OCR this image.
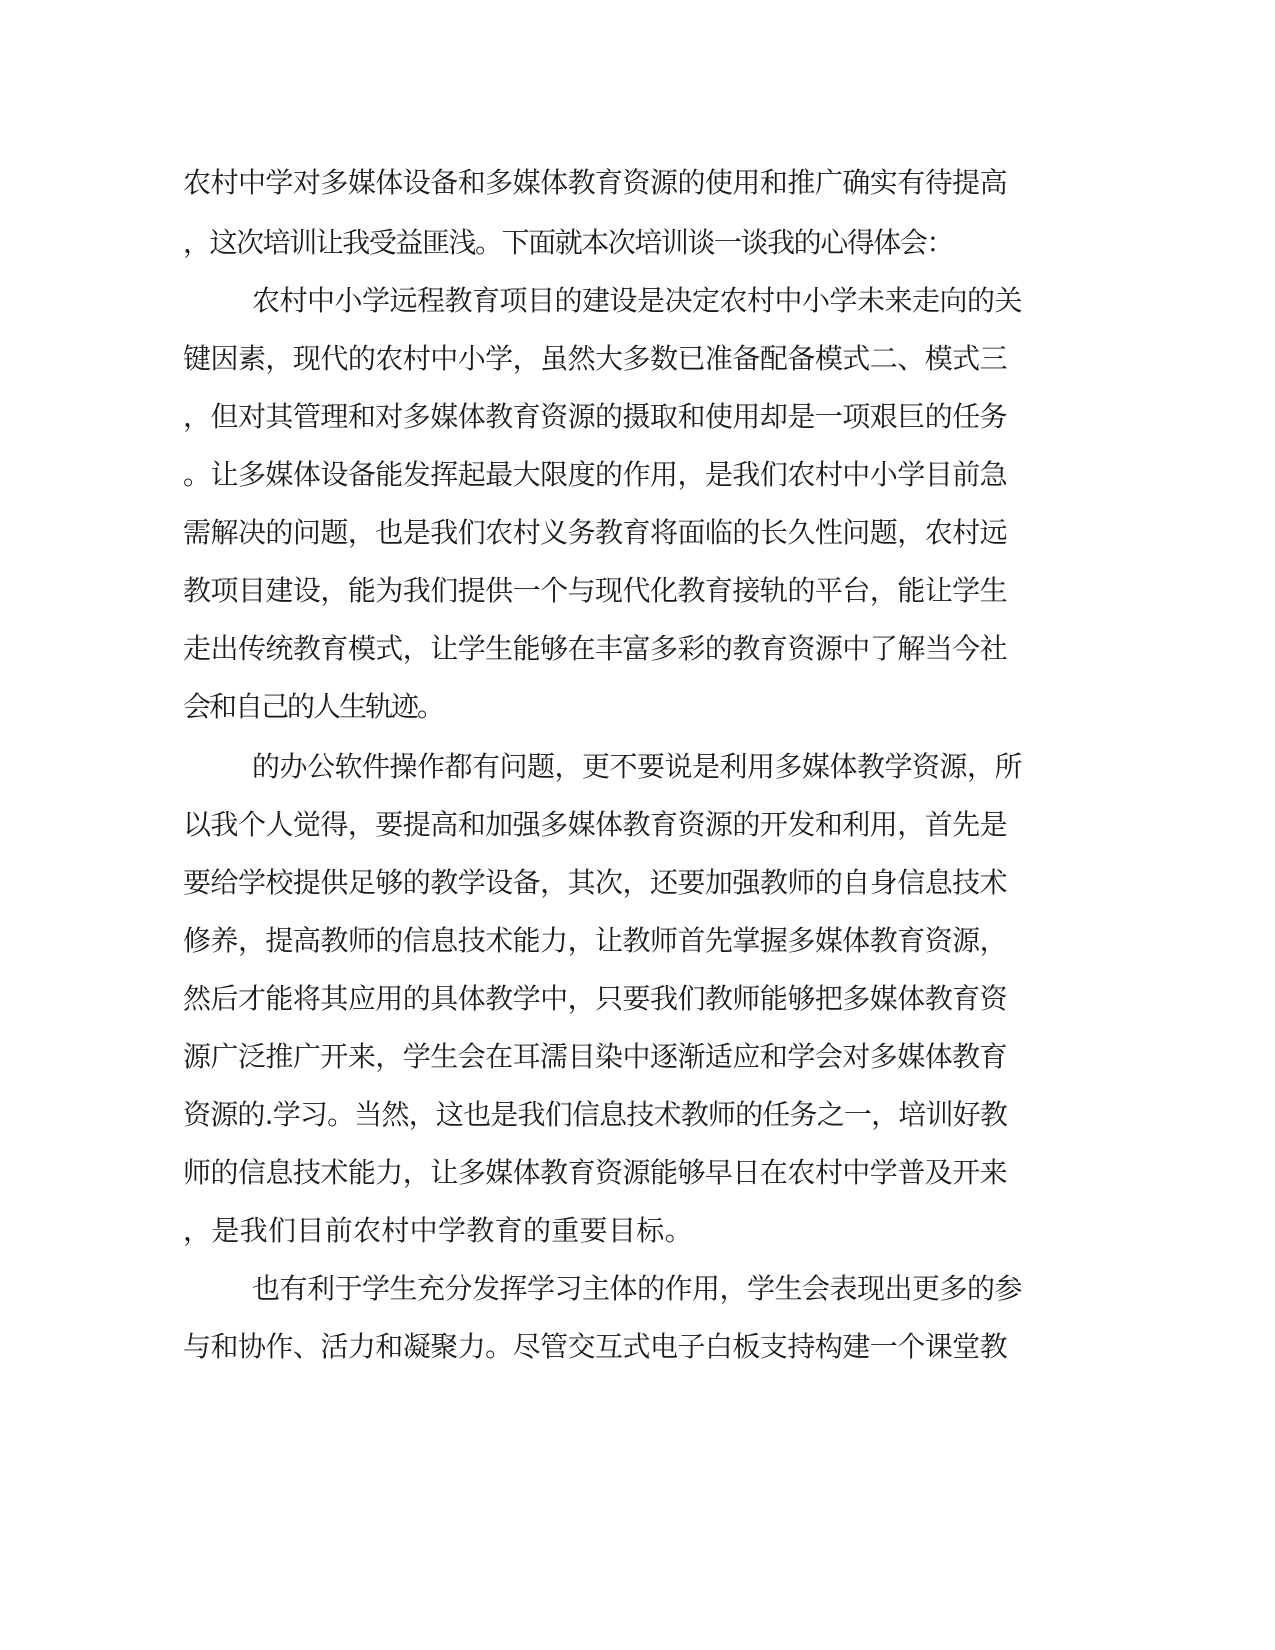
农村中学对多媒体设备和多媒体教育资源的使用和推广确实有待提高
，这次培训让我受益匪浅。下面就本次培训谈一谈我的心得体会：
农村中小学远程教育项目的建设是决定农村中小学未来走向的关
键因素，现代的农村中小学，虽然大多数已准备配备模式二、模式三
，但对其管理和对多媒体教育资源的摄取和使用却是一项艰巨的任务
。让多媒体设备能发挥起最大限度的作用，是我们农村中小学目前急
需解决的问题，也是我们农村义务教育将面临的长久性问题，农村远
教项目建设，能为我们提供一个与现代化教育接轨的平台，能让学生
走出传统教育模式，让学生能够在丰富多彩的教育资源中了解当今社
会和自己的人生轨迹。
的办公软件操作都有问题，更不要说是利用多媒体教学资源，所
以我个人觉得，要提高和加强多媒体教育资源的开发和利用，首先是
要给学校提供足够的教学设备，其次，还要加强教师的自身信息技术
修养，提高教师的信息技术能力，让教师首先掌握多媒体教育资源，
然后才能将其应用的具体教学中，只要我们教师能够把多媒体教育资
源广泛推广开来，学生会在耳濡目染中逐渐适应和学会对多媒体教育
资源的.学习。当然，这也是我们信息技术教师的任务之一，培训好教
师的信息技术能力，让多媒体教育资源能够早日在农村中学普及开来
，是我们目前农村中学教育的重要目标。
也有利于学生充分发挥学习主体的作用，学生会表现出更多的参
与和协作、活力和凝聚力。尽管交互式电子白板支持构建一个课堂教
